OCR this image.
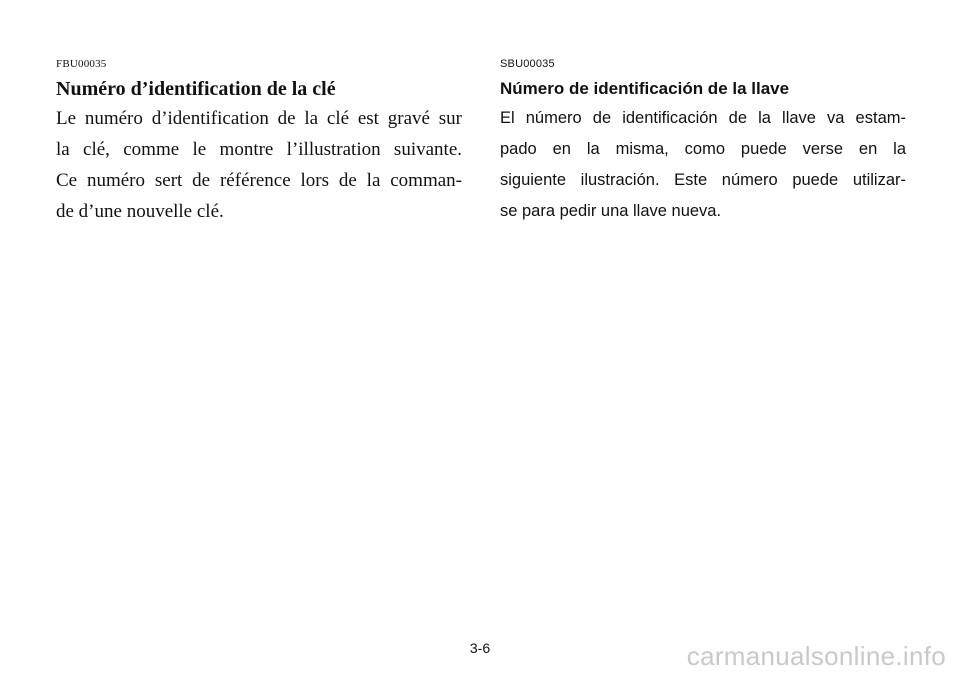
FBU00035

Numéro d’identification de la clé
Le numéro d’identification de la clé est gravé sur
la clé, comme le montre l’illustration suivante.
Ce numéro sert de référence lors de la comman-
de d’une nouvelle clé.

SBU00035

Número de identificación de la llave
El número de identificación de la llave va estam-
pado en la misma, como puede verse en la
siguiente ilustración. Este número puede utilizar-
se para pedir una llave nueva.
3-6	carmanualsonline.info
